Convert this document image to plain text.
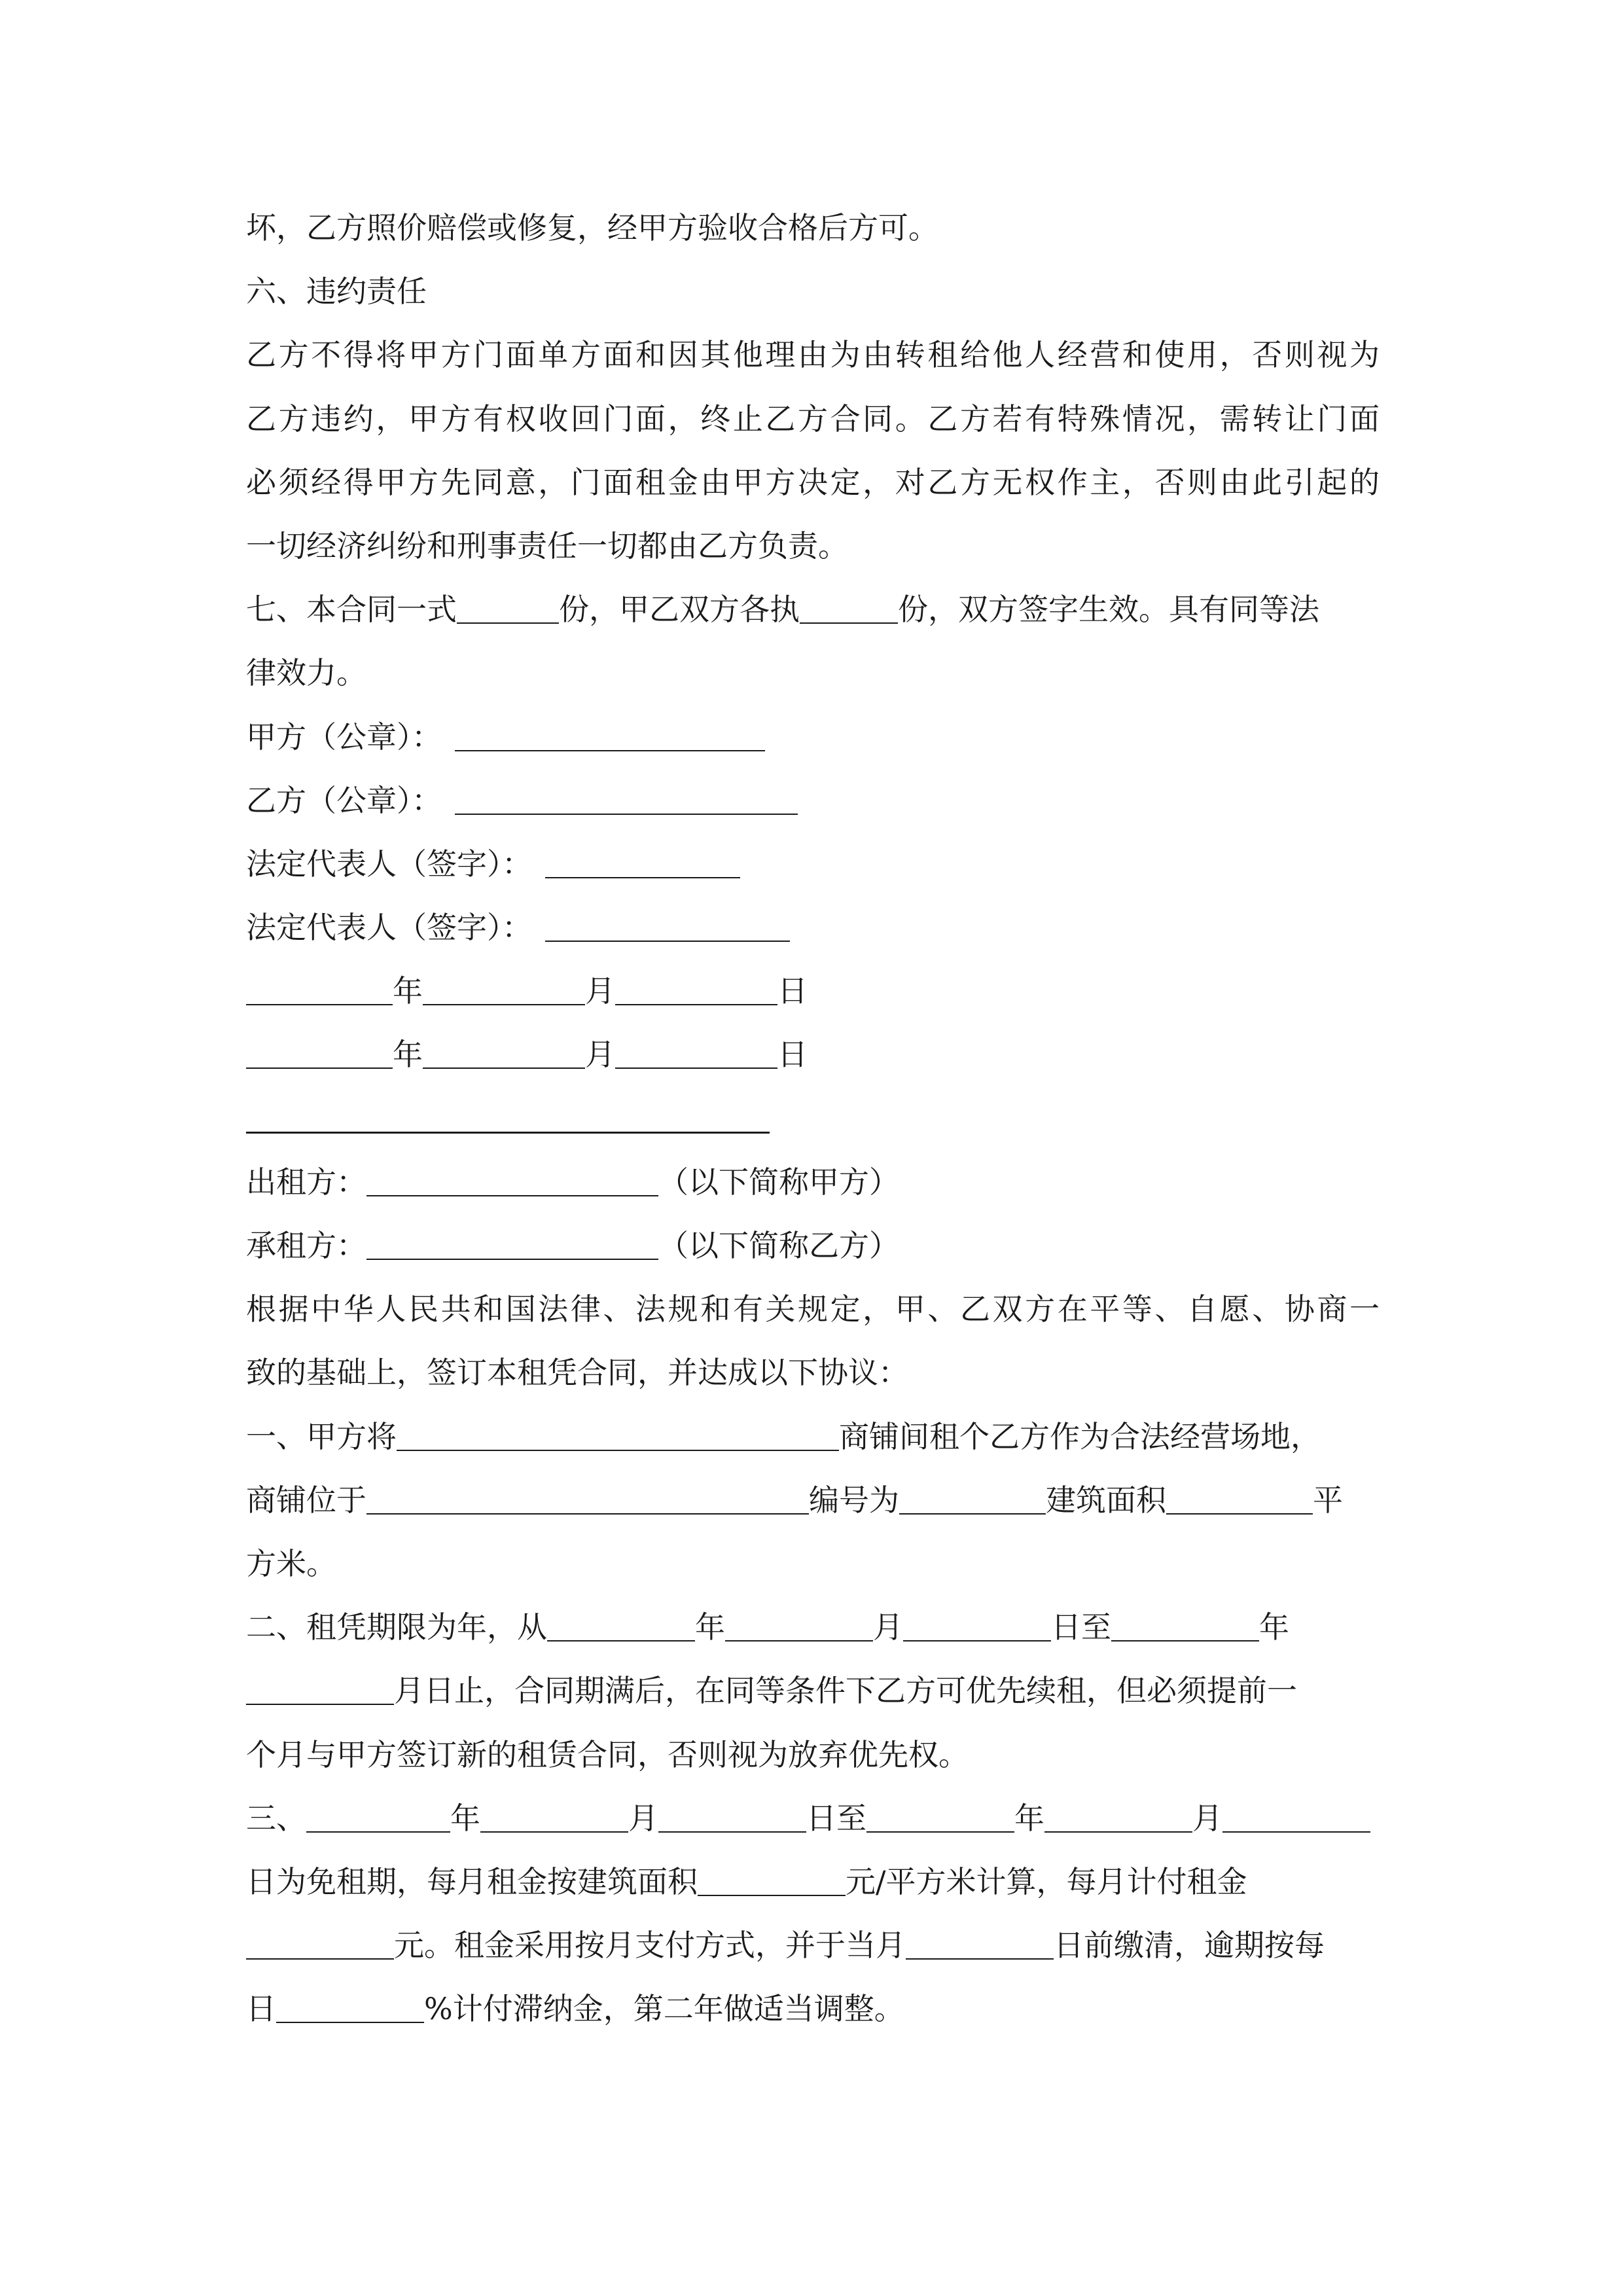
坏，乙方照价赔偿或修复，经甲方验收合格后方可。
六、违约责任
乙方不得将甲方门面单方面和因其他理由为由转租给他人经营和使用，否则视为
乙方违约，甲方有权收回门面，终止乙方合同。乙方若有特殊情况，需转让门面
必须经得甲方先同意，门面租金由甲方决定，对乙方无权作主，否则由此引起的
一切经济纠纷和刑事责任一切都由乙方负责。
七、本合同一式	份，甲乙双方各执	份，双方签字生效。具有同等法
律效力。
甲方（公章）：
乙方（公章）：
法定代表人（签字）：
法定代表人（签字）：
年	月	日
年	月	日
出租方：	（以下简称甲方）
承租方：	（以下简称乙方）
根据中华人民共和国法律、法规和有关规定，甲、乙双方在平等、自愿、协商一
致的基础上，签订本租凭合同，并达成以下协议：
一、甲方将	商铺间租个乙方作为合法经营场地，
商铺位于	编号为	建筑面积	平
方米。
二、租凭期限为年，从	年	月	日至	年
月日止，合同期满后，在同等条件下乙方可优先续租，但必须提前一
个月与甲方签订新的租赁合同，否则视为放弃优先权。
三、	年	月	日至	年	月
日为免租期，每月租金按建筑面积	元/平方米计算，每月计付租金
元。租金采用按月支付方式，并于当月	日前缴清，逾期按每
日	%计付滞纳金，第二年做适当调整。
